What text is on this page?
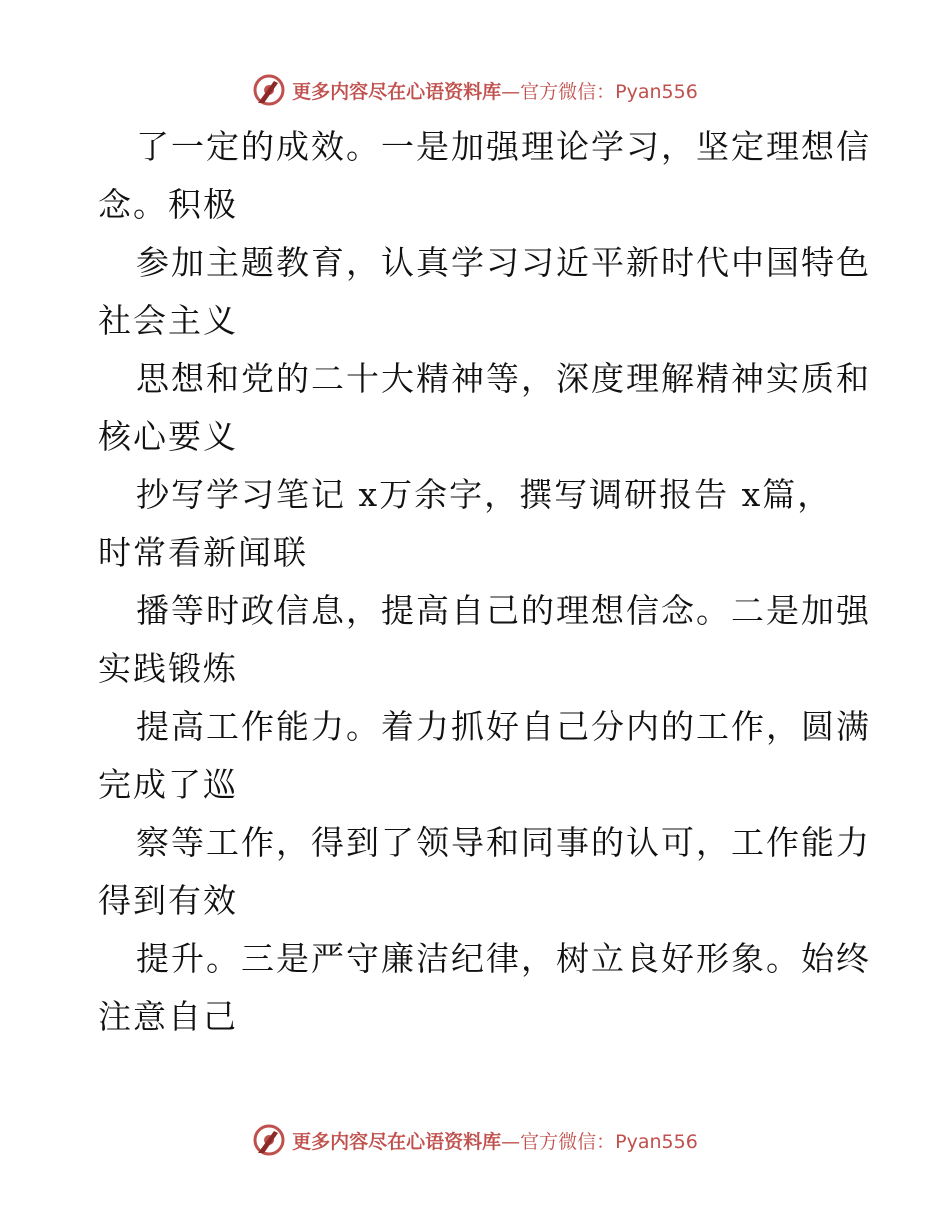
更多内容尽在心语资料库—官方微信：Pyan556
了一定的成效。一是加强理论学习，坚定理想信
念。积极
参加主题教育，认真学习习近平新时代中国特色
社会主义
思想和党的二十大精神等，深度理解精神实质和
核心要义
抄写学习笔记 x万余字，撰写调研报告 x篇，
时常看新闻联
播等时政信息，提高自己的理想信念。二是加强
实践锻炼
提高工作能力。着力抓好自己分内的工作，圆满
完成了巡
察等工作，得到了领导和同事的认可，工作能力
得到有效
提升。三是严守廉洁纪律，树立良好形象。始终
注意自己
更多内容尽在心语资料库—官方微信：Pyan556
